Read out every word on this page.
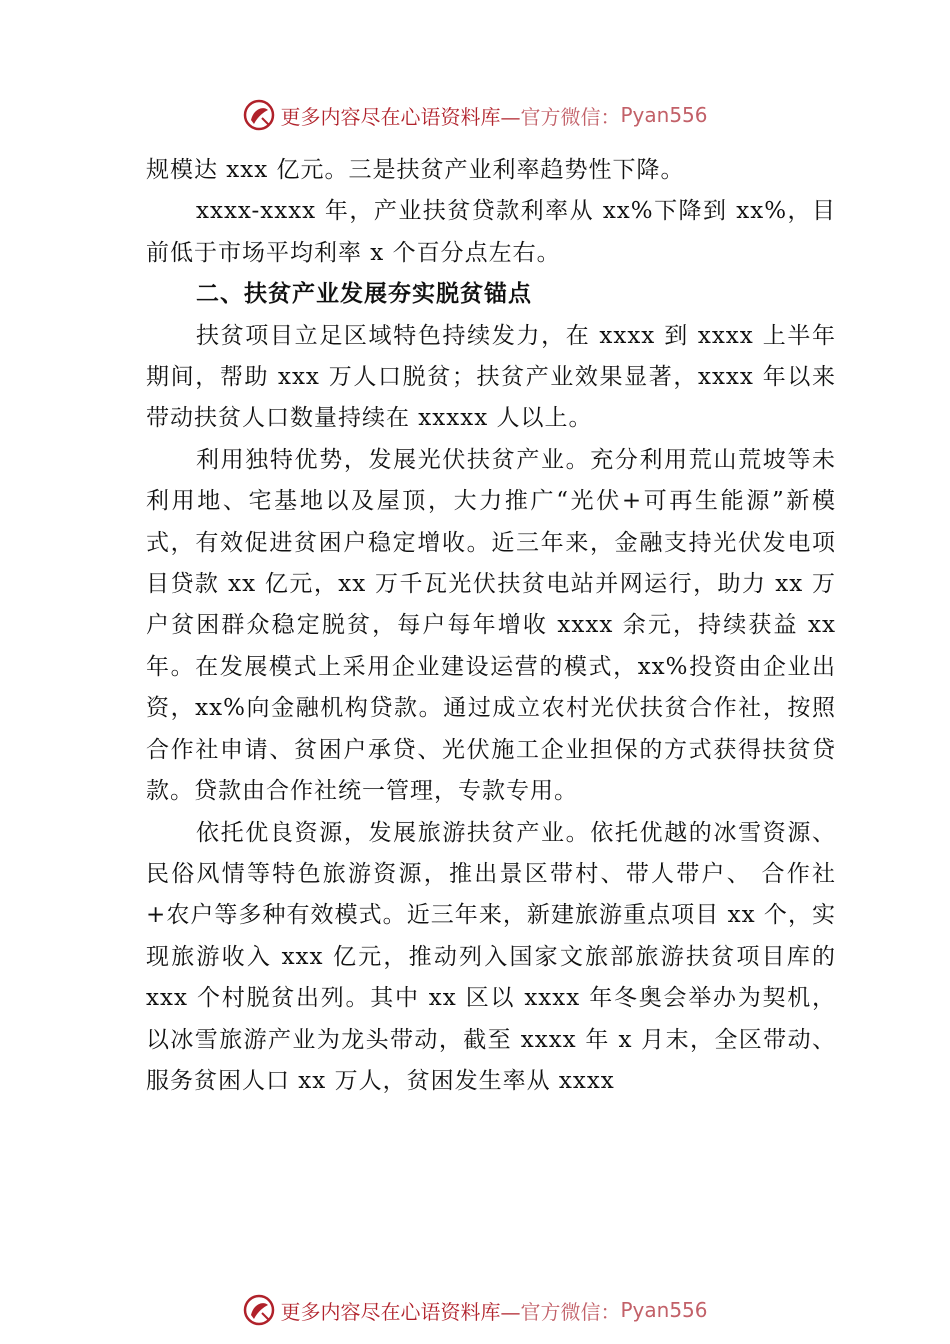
更多内容尽在心语资料库— 官方微信： Pyan556

规模达 xxx 亿元。三是扶贫产业利率趋势性下降。

xxxx-xxxx 年，产业扶贫贷款利率从 xx%下降到 xx%，目前低于市场平均利率 x 个百分点左右。

二、扶贫产业发展夯实脱贫锚点

扶贫项目立足区域特色持续发力，在 xxxx 到 xxxx 上半年期间，帮助 xxx 万人口脱贫；扶贫产业效果显著，xxxx 年以来带动扶贫人口数量持续在 xxxxx 人以上。

利用独特优势，发展光伏扶贫产业。充分利用荒山荒坡等未利用地、宅基地以及屋顶，大力推广“光伏+可再生能源”新模式，有效促进贫困户稳定增收。近三年来，金融支持光伏发电项目贷款 xx 亿元，xx 万千瓦光伏扶贫电站并网运行，助力 xx 万户贫困群众稳定脱贫，每户每年增收 xxxx 余元，持续获益 xx 年。在发展模式上采用企业建设运营的模式，xx%投资由企业出资，xx%向金融机构贷款。通过成立农村光伏扶贫合作社，按照合作社申请、贫困户承贷、光伏施工企业担保的方式获得扶贫贷款。贷款由合作社统一管理，专款专用。

依托优良资源，发展旅游扶贫产业。依托优越的冰雪资源、民俗风情等特色旅游资源，推出景区带村、带人带户、 合作社+农户等多种有效模式。近三年来，新建旅游重点项目 xx 个，实现旅游收入 xxx 亿元，推动列入国家文旅部旅游扶贫项目库的 xxx 个村脱贫出列。其中 xx 区以 xxxx 年冬奥会举办为契机，以冰雪旅游产业为龙头带动，截至 xxxx 年 x 月末，全区带动、服务贫困人口 xx 万人，贫困发生率从 xxxx

更多内容尽在心语资料库— 官方微信： Pyan556
